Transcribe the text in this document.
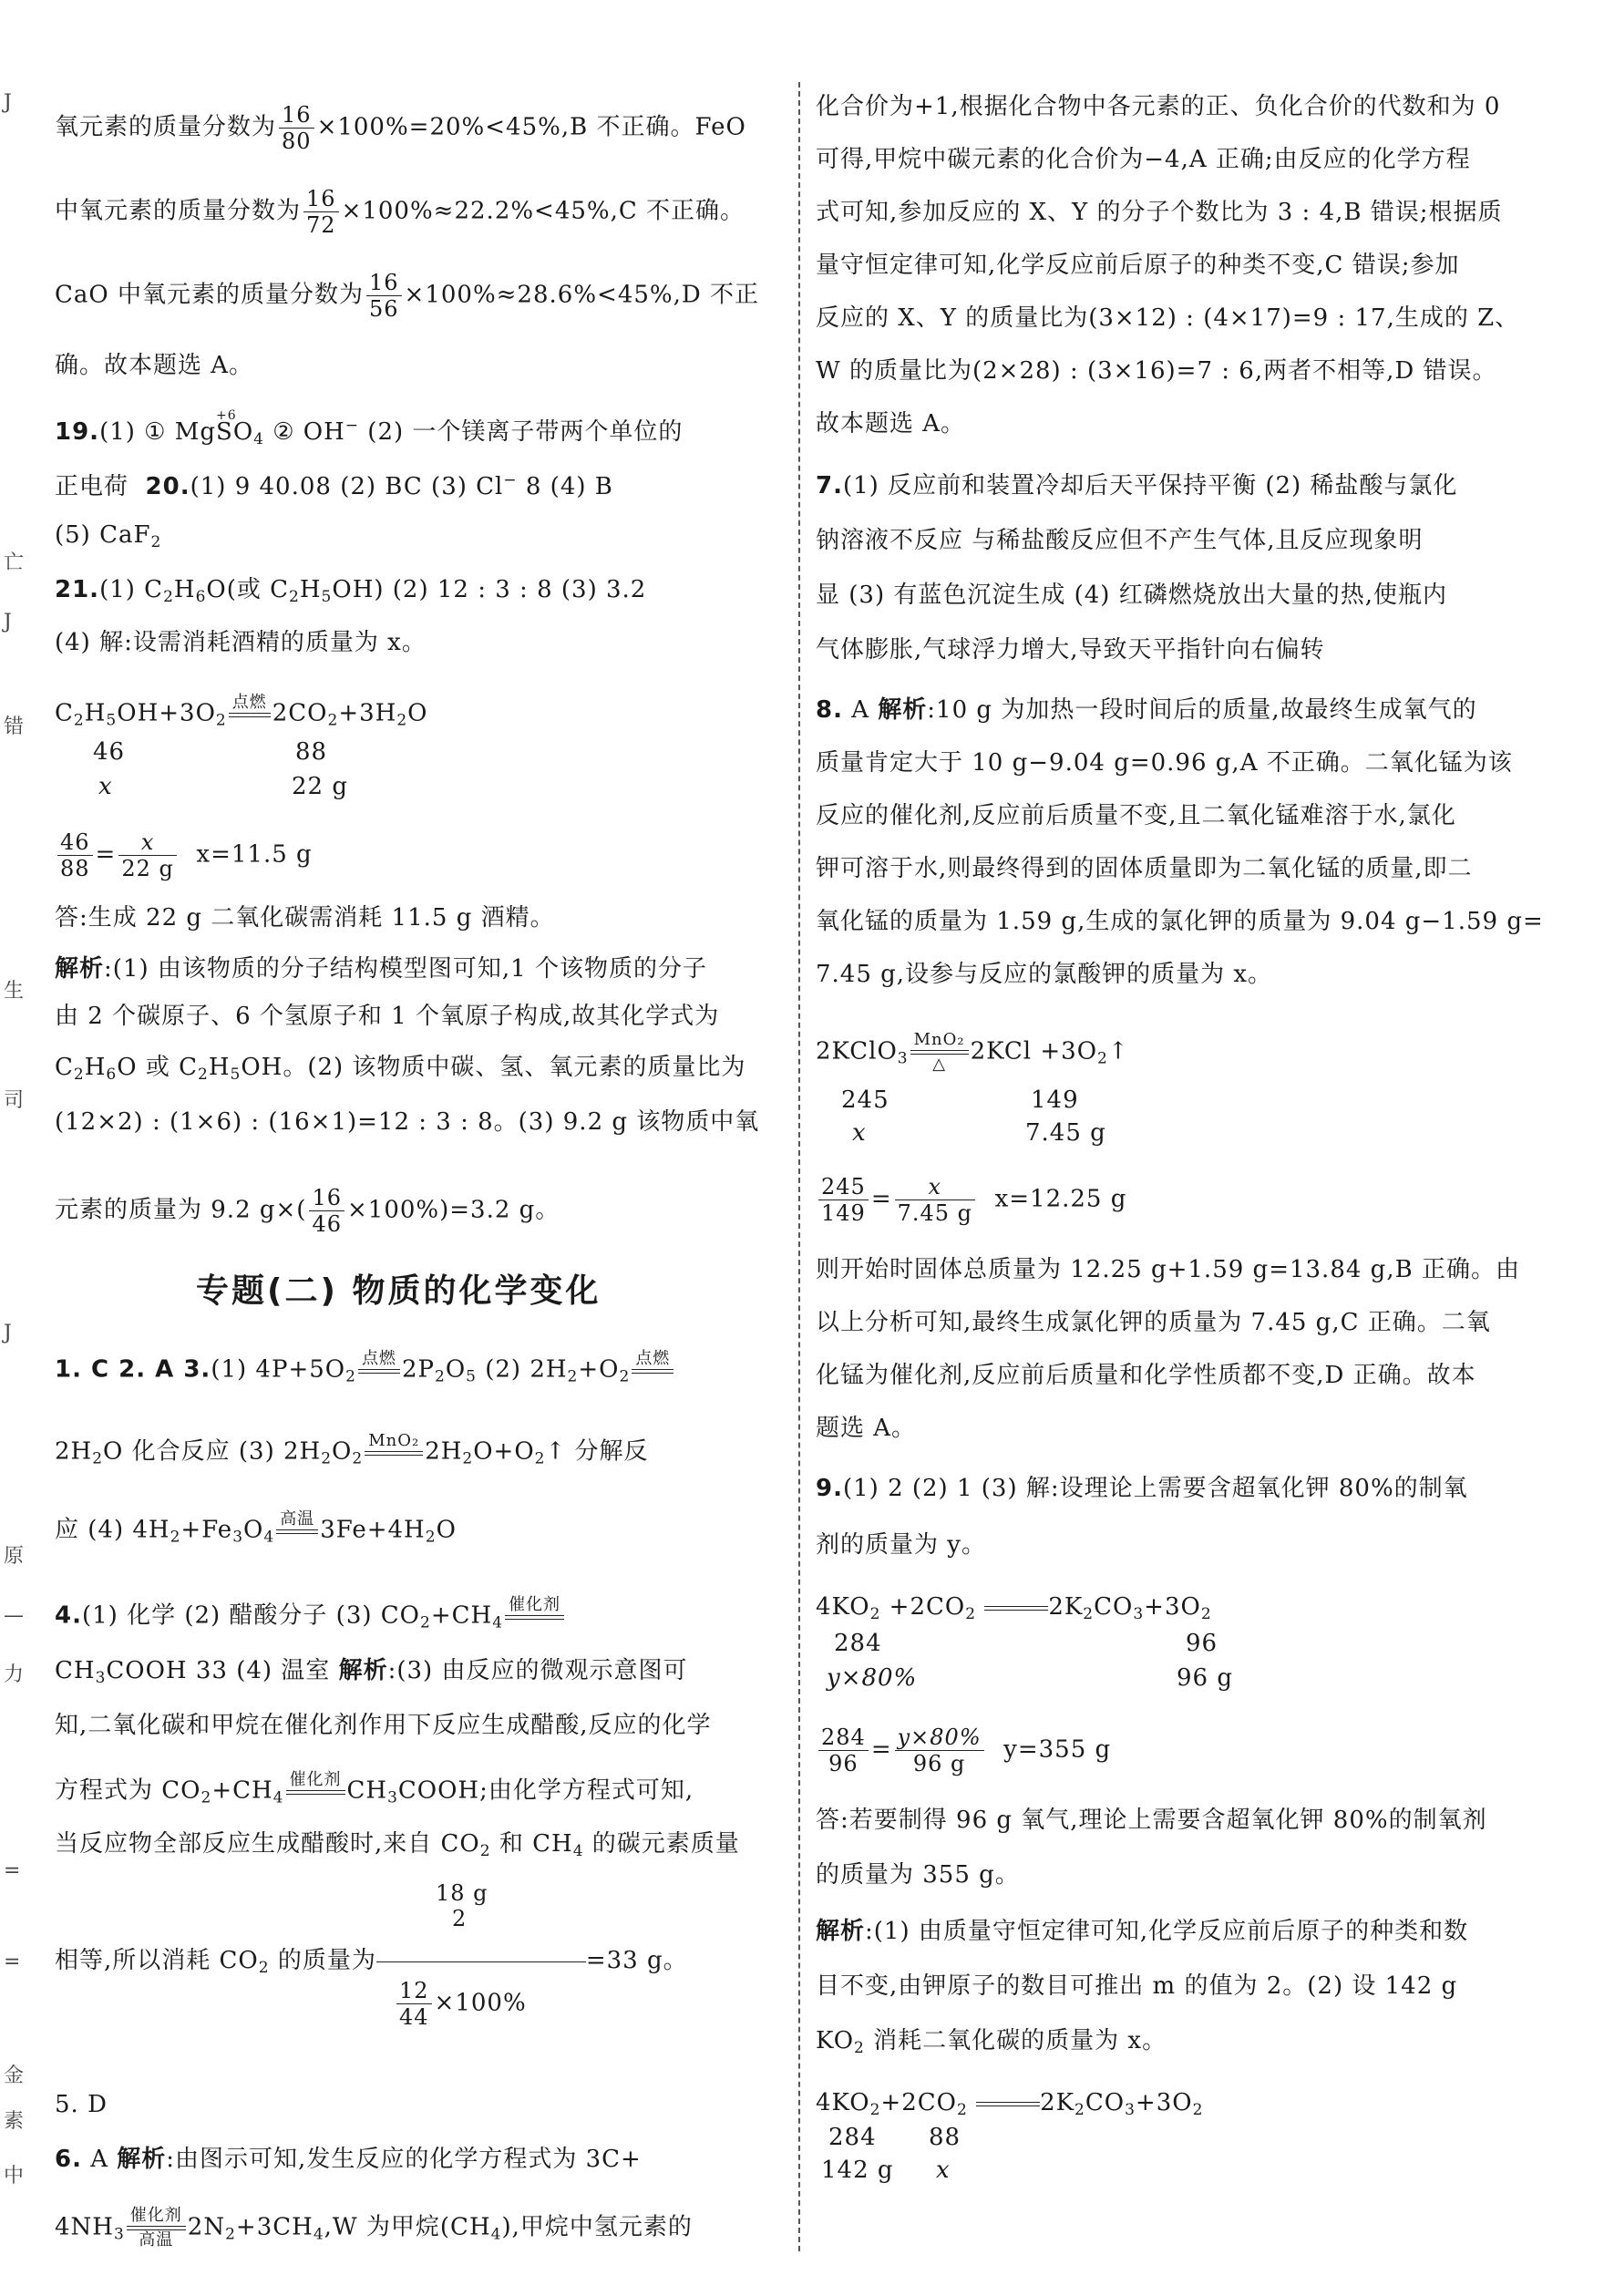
J
亡
J
错
生
司
J
原
—
力
=
=
金
素
中
氧元素的质量分数为 $\frac{16}{80} \times 100\%=20\%<45\%,B$ 不正确。FeO
中氧元素的质量分数为 $\frac{16}{72} \times 100\%\approx 22.2\%<45\%,C$ 不正确。
CaO 中氧元素的质量分数为 $\frac{16}{56} \times 100\%\approx 28.6\%<45\%,D$ 不正
确。故本题选 A。
19.(1) ① Mg
+6
$SO_4$ ② OH− (2) 一个镁离子带两个单位的
正电荷 20.(1) 9 40.08 (2) BC (3) Cl− 8 (4) B
(5) CaF$_2$
21.(1) $C_2H_6O$(或 $C_2H_5OH$) (2) 12 : 3 : 8 (3) 3.2
(4) 解:设需消耗酒精的质量为 x。
$C_2H_5OH+3O_2$
点燃 $2CO_2+3H_2O$
46	88
x	22 g
$\frac{46}{88} = \frac{x}{22 g} x=11.5$ g
答:生成 22 g 二氧化碳需消耗 11.5 g 酒精。
解析:(1) 由该物质的分子结构模型图可知,1 个该物质的分子
由 2 个碳原子、6 个氢原子和 1 个氧原子构成,故其化学式为
$C_2H_6O$ 或 $C_2H_5OH$。(2) 该物质中碳、氢、氧元素的质量比为
(12×2) : (1×6) : (16×1)=12 : 3 : 8。(3) 9.2 g 该物质中氧
元素的质量为 9.2 $g\times( \frac{16}{46} \times 100\%)=3.2$ g。
专题(二) 物质的化学变化
1. C 2. A 3.(1) $4P+5O_2$
点燃 $2P_2O_5$ (2) $2H_2+O_2$
点燃
$2H_2O$ 化合反应 (3) $2H_2O_2$
MnO₂ $2H_2O+O_2↑$ 分解反
应 (4) $4H_2+Fe_3O_4$
高温 $3Fe+4H_2O$
4.(1) 化学 (2) 醋酸分子 (3) $CO_2+CH_4$
催化剂
$CH_3COOH$ 33 (4) 温室 解析:(3) 由反应的微观示意图可
知,二氧化碳和甲烷在催化剂作用下反应生成醋酸,反应的化学
方程式为 $CO_2+CH_4$
催化剂 $CH_3COOH$;由化学方程式可知,
当反应物全部反应生成醋酸时,来自 $CO_2$ 和 $CH_4$ 的碳元素质量
18 g
2
相等,所以消耗 $CO_2$ 的质量为	=33 g。
$\frac{12}{44} \times 100\%$
5. D
6. A 解析:由图示可知,发生反应的化学方程式为 3C+
$4NH_3$
催化剂
高温 $2N_2+3CH_4,W$ 为甲烷$(CH_4)$,甲烷中氢元素的
化合价为+1,根据化合物中各元素的正、负化合价的代数和为 0
可得,甲烷中碳元素的化合价为−4,A 正确;由反应的化学方程
式可知,参加反应的 X、Y 的分子个数比为 3 : 4,B 错误;根据质
量守恒定律可知,化学反应前后原子的种类不变,C 错误;参加
反应的 X、Y 的质量比为(3×12) : (4×17)=9 : 17,生成的 Z、
W 的质量比为(2×28) : (3×16)=7 : 6,两者不相等,D 错误。
故本题选 A。
7.(1) 反应前和装置冷却后天平保持平衡 (2) 稀盐酸与氯化
钠溶液不反应 与稀盐酸反应但不产生气体,且反应现象明
显 (3) 有蓝色沉淀生成 (4) 红磷燃烧放出大量的热,使瓶内
气体膨胀,气球浮力增大,导致天平指针向右偏转
8. A 解析:10 g 为加热一段时间后的质量,故最终生成氧气的
质量肯定大于 10 g−9.04 g=0.96 g,A 不正确。二氧化锰为该
反应的催化剂,反应前后质量不变,且二氧化锰难溶于水,氯化
钾可溶于水,则最终得到的固体质量即为二氧化锰的质量,即二
氧化锰的质量为 1.59 g,生成的氯化钾的质量为 9.04 g−1.59 g=
7.45 g,设参与反应的氯酸钾的质量为 x。
2KClO$_3$
MnO₂
△	$2KCl +3O_2↑$
245	149
x	7.45 g
$\frac{245}{149} = \frac{x}{7.45 g} x=12.25$ g
则开始时固体总质量为 12.25 g+1.59 g=13.84 g,B 正确。由
以上分析可知,最终生成氯化钾的质量为 7.45 g,C 正确。二氧
化锰为催化剂,反应前后质量和化学性质都不变,D 正确。故本
题选 A。
9.(1) 2 (2) 1 (3) 解:设理论上需要含超氧化钾 80%的制氧
剂的质量为 y。
$4KO_2 +2CO_2$	$2K_2CO_3+3O_2$
284	96
y×80%	96 g
$\frac{284}{96} = \frac{y\times 80\%}{96 g} y=355$ g
答:若要制得 96 g 氧气,理论上需要含超氧化钾 80%的制氧剂
的质量为 355 g。
解析:(1) 由质量守恒定律可知,化学反应前后原子的种类和数
目不变,由钾原子的数目可推出 m 的值为 2。(2) 设 142 g
$KO_2$ 消耗二氧化碳的质量为 x。
$4KO_2+2CO_2$	$2K_2CO_3+3O_2$
284 88
142 g x
